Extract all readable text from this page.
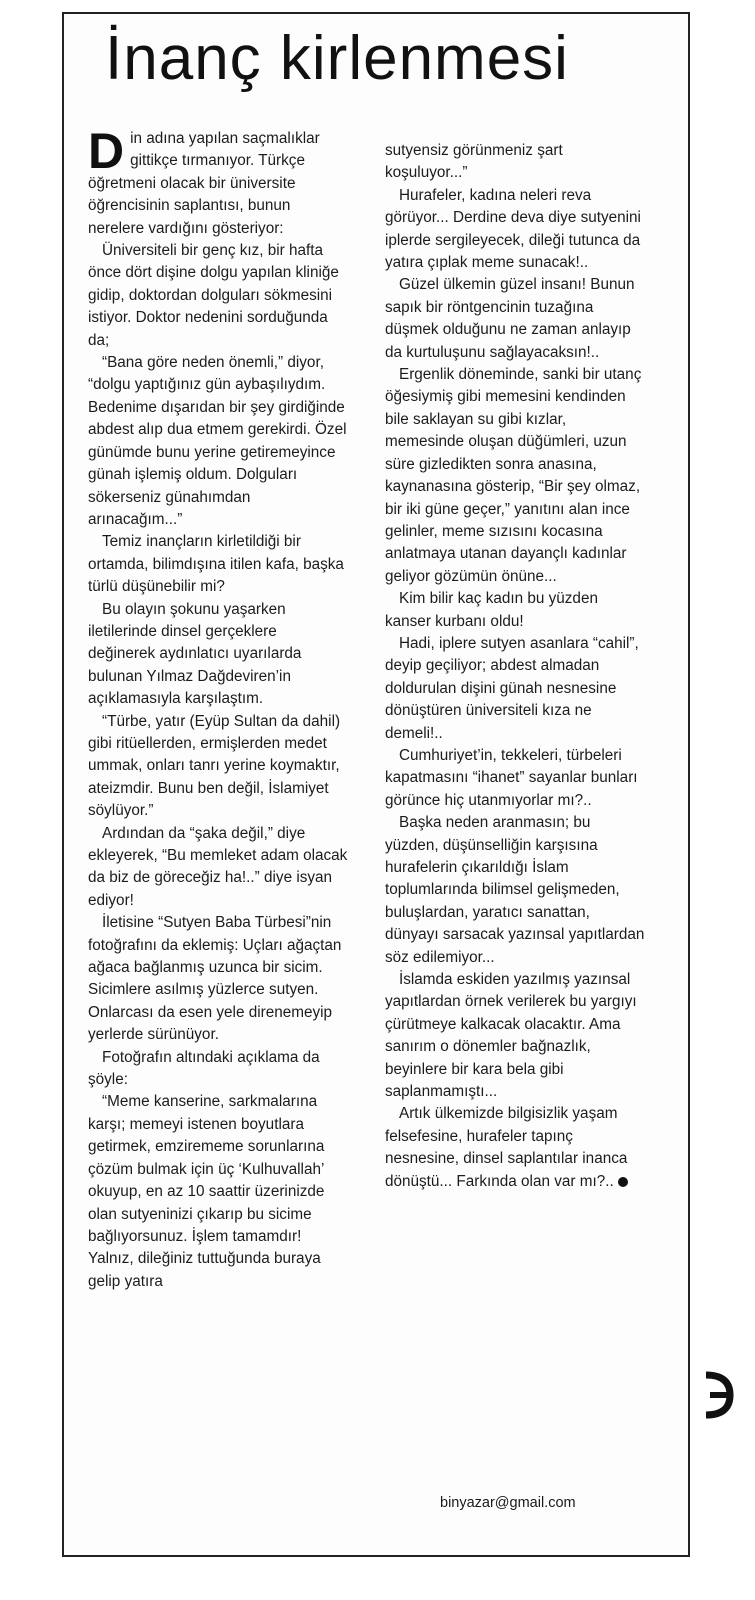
İnanç kirlenmesi

Din adına yapılan saçmalıklar gittikçe tırmanıyor. Türkçe öğretmeni olacak bir üniversite öğrencisinin saplantısı, bunun nerelere vardığını gösteriyor:

Üniversiteli bir genç kız, bir hafta önce dört dişine dolgu yapılan kliniğe gidip, doktordan dolguları sökmesini istiyor. Doktor nedenini sorduğunda da;

“Bana göre neden önemli,” diyor, “dolgu yaptığınız gün aybaşılıydım. Bedenime dışarıdan bir şey girdiğinde abdest alıp dua etmem gerekirdi. Özel günümde bunu yerine getiremeyince günah işlemiş oldum. Dolguları sökerseniz günahımdan arınacağım...”

Temiz inançların kirletildiği bir ortamda, bilimdışına itilen kafa, başka türlü düşünebilir mi?

Bu olayın şokunu yaşarken iletilerinde dinsel gerçeklere değinerek aydınlatıcı uyarılarda bulunan Yılmaz Dağdeviren’in açıklamasıyla karşılaştım.

“Türbe, yatır (Eyüp Sultan da dahil) gibi ritüellerden, ermişlerden medet ummak, onları tanrı yerine koymaktır, ateizmdir. Bunu ben değil, İslamiyet söylüyor.”

Ardından da “şaka değil,” diye ekleyerek, “Bu memleket adam olacak da biz de göreceğiz ha!..” diye isyan ediyor!

İletisine “Sutyen Baba Türbesi”nin fotoğrafını da eklemiş: Uçları ağaçtan ağaca bağlanmış uzunca bir sicim. Sicimlere asılmış yüzlerce sutyen. Onlarcası da esen yele direnemeyip yerlerde sürünüyor.

Fotoğrafın altındaki açıklama da şöyle:

“Meme kanserine, sarkmalarına karşı; memeyi istenen boyutlara getirmek, emzirememe sorunlarına çözüm bulmak için üç ‘Kulhuvallah’ okuyup, en az 10 saattir üzerinizde olan sutyeninizi çıkarıp bu sicime bağlıyorsunuz. İşlem tamamdır! Yalnız, dileğiniz tuttuğunda buraya gelip yatıra

sutyensiz görünmeniz şart koşuluyor...”

Hurafeler, kadına neleri reva görüyor... Derdine deva diye sutyenini iplerde sergileyecek, dileği tutunca da yatıra çıplak meme sunacak!..

Güzel ülkemin güzel insanı! Bunun sapık bir röntgencinin tuzağına düşmek olduğunu ne zaman anlayıp da kurtuluşunu sağlayacaksın!..

Ergenlik döneminde, sanki bir utanç öğesiymiş gibi memesini kendinden bile saklayan su gibi kızlar, memesinde oluşan düğümleri, uzun süre gizledikten sonra anasına, kaynanasına gösterip, “Bir şey olmaz, bir iki güne geçer,” yanıtını alan ince gelinler, meme sızısını kocasına anlatmaya utanan dayançlı kadınlar geliyor gözümün önüne...

Kim bilir kaç kadın bu yüzden kanser kurbanı oldu!

Hadi, iplere sutyen asanlara “cahil”, deyip geçiliyor; abdest almadan doldurulan dişini günah nesnesine dönüştüren üniversiteli kıza ne demeli!..

Cumhuriyet’in, tekkeleri, türbeleri kapatmasını “ihanet” sayanlar bunları görünce hiç utanmıyorlar mı?..

Başka neden aranmasın; bu yüzden, düşünselliğin karşısına hurafelerin çıkarıldığı İslam toplumlarında bilimsel gelişmeden, buluşlardan, yaratıcı sanattan, dünyayı sarsacak yazınsal yapıtlardan söz edilemiyor...

İslamda eskiden yazılmış yazınsal yapıtlardan örnek verilerek bu yargıyı çürütmeye kalkacak olacaktır. Ama sanırım o dönemler bağnazlık, beyinlere bir kara bela gibi saplanmamıştı...

Artık ülkemizde bilgisizlik yaşam felsefesine, hurafeler tapınç nesnesine, dinsel saplantılar inanca dönüştü... Farkında olan var mı?..

binyazar@gmail.com
